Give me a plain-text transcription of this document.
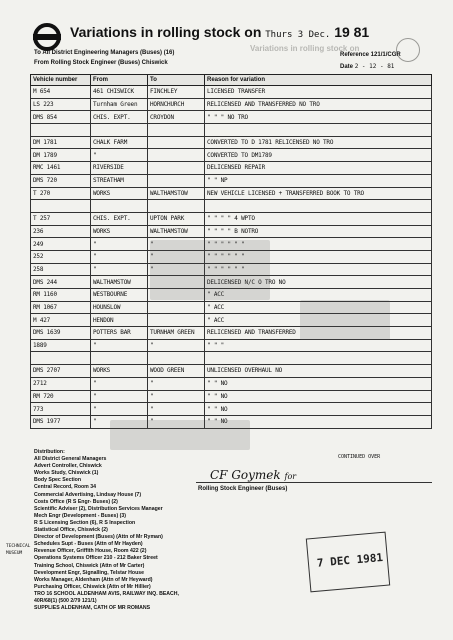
Variations in rolling stock on Thurs 3 Dec. 19 81
Variations in rolling stock on
To All District Engineering Managers (Buses) (16)
From Rolling Stock Engineer (Buses) Chiswick
Reference 121/1/CGR
Date 2 - 12 - 81
Vehicle number	From	To	Reason for variation
M 654	461 CHISWICK	FINCHLEY	LICENSED TRANSFER
LS 223	Turnham Green	HORNCHURCH	RELICENSED AND TRANSFERRED NO TRO
DMS 854	CHIS. EXPT.	CROYDON	" " " NO TRO

DM 1781	CHALK FARM		CONVERTED TO D 1781 RELICENSED NO TRO
DM 1789	"		CONVERTED TO DM1789
RMC 1461	RIVERSIDE		DELICENSED REPAIR
DMS 720	STREATHAM		" " NP
T 270	WORKS	WALTHAMSTOW	NEW VEHICLE LICENSED + TRANSFERRED BOOK TO TRO

T 257	CHIS. EXPT.	UPTON PARK	" " " " 4 WPTO
236	WORKS	WALTHAMSTOW	" " " " B NOTRO
249	"	"	" " " " " "
252	"	"	" " " " " "
258	"	"	" " " " " "
DMS 244	WALTHAMSTOW		DELICENSED N/C O TRO NO
RM 1160	WESTBOURNE		" ACC
RM 1067	HOUNSLOW		" ACC
M 427	HENDON		" ACC
DMS 1639	POTTERS BAR	TURNHAM GREEN	RELICENSED AND TRANSFERRED
1889	"	"	" " "

DMS 2707	WORKS	WOOD GREEN	UNLICENSED OVERHAUL NO
2712	"	"	" " NO
RM 720	"	"	" " NO
773	"	"	" " NO
DMS 1977	"	"	" " NO
CONTINUED OVER
CF Goymek for
Rolling Stock Engineer (Buses)
Distribution:
All District General Managers
Advert Controller, Chiswick
Works Study, Chiswick (1)
Body Spec Section
Central Record, Room 34
Commercial Advertising, Lindsay House (7)
Costs Office (R S Engr- Buses) (2)
Scientific Adviser (2), Distribution Services Manager
Mech Engr (Development - Buses) (3)
R S Licensing Section (6), R S Inspection
Statistical Office, Chiswick (2)
Director of Development (Buses) (Attn of Mr Ryman)
Schedules Supt - Buses (Attn of Mr Hayden)
Revenue Officer, Griffith House, Room 422 (2)
Operations Systems Officer 210 - 212 Baker Street
Training School, Chiswick (Attn of Mr Carter)
Development Engr, Signalling, Telstar House
Works Manager, Aldenham (Attn of Mr Heyward)
Purchasing Officer, Chiswick (Attn of Mr Hillier)
TRO 16 SCHOOL ALDENHAM AVIS, RAILWAY INQ. BEACH,
40R/68(1) (500 2/79 121/1)
SUPPLIES ALDENHAM, CATH OF MR ROMANS
TECHNICAL
MUSEUM	7 DEC 1981
